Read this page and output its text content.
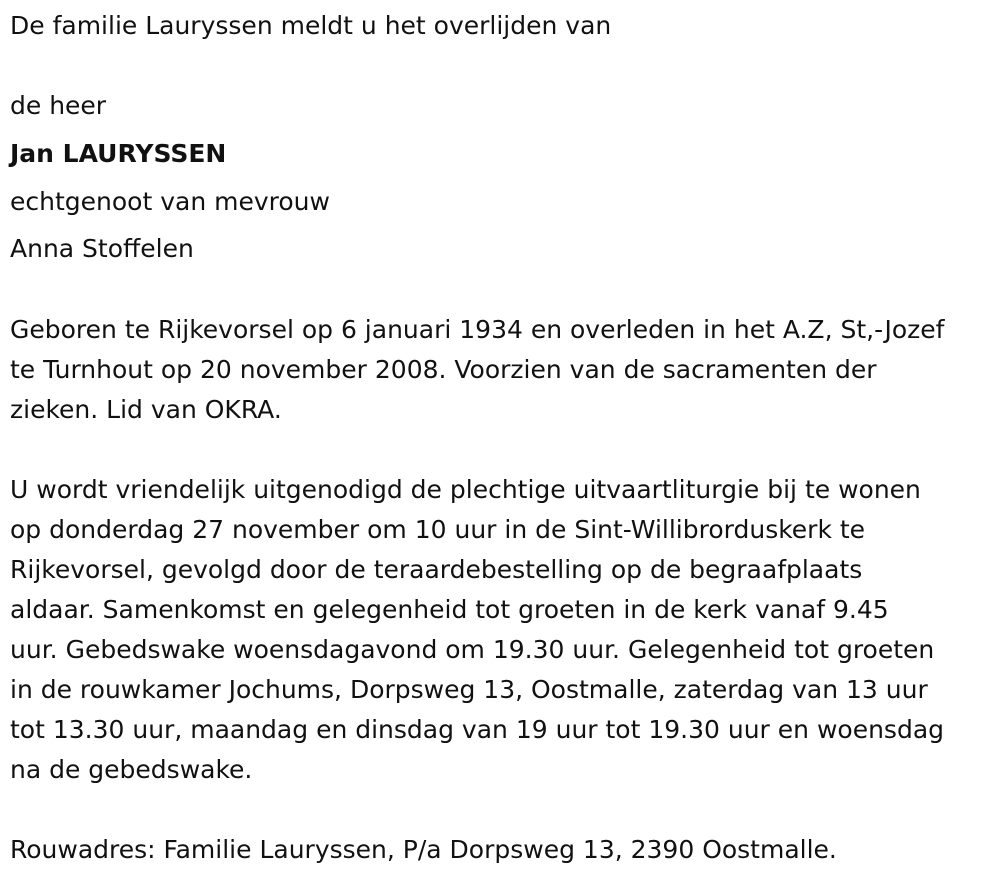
De familie Lauryssen meldt u het overlijden van
de heer
Jan LAURYSSEN
echtgenoot van mevrouw
Anna Stoffelen
Geboren te Rijkevorsel op 6 januari 1934 en overleden in het A.Z, St,-Jozef
te Turnhout op 20 november 2008. Voorzien van de sacramenten der
zieken. Lid van OKRA.
U wordt vriendelijk uitgenodigd de plechtige uitvaartliturgie bij te wonen
op donderdag 27 november om 10 uur in de Sint-Willibrorduskerk te
Rijkevorsel, gevolgd door de teraardebestelling op de begraafplaats
aldaar. Samenkomst en gelegenheid tot groeten in de kerk vanaf 9.45
uur. Gebedswake woensdagavond om 19.30 uur. Gelegenheid tot groeten
in de rouwkamer Jochums, Dorpsweg 13, Oostmalle, zaterdag van 13 uur
tot 13.30 uur, maandag en dinsdag van 19 uur tot 19.30 uur en woensdag
na de gebedswake.
Rouwadres: Familie Lauryssen, P/a Dorpsweg 13, 2390 Oostmalle.
